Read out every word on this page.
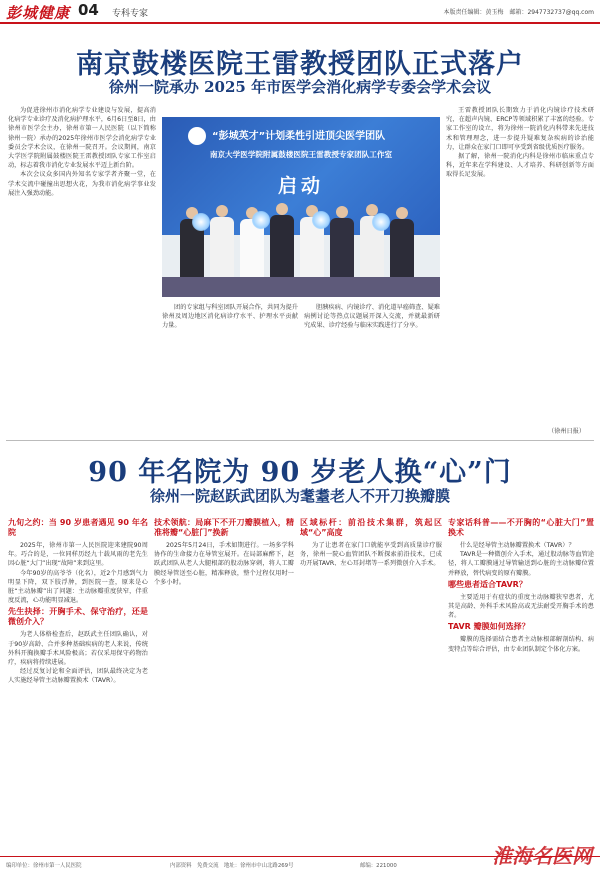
彭城健康 04 专科专家	本版责任编辑：黄玉梅　邮箱：2947732737@qq.com
南京鼓楼医院王雷教授团队正式落户
徐州一院承办 2025 年市医学会消化病学专委会学术会议

为促进徐州市消化病学专业建设与发展，提高消化病学专业诊疗及消化病护理水平，6月6日至8日，由徐州市医学会主办，徐州市第一人民医院（以下简称徐州一院）承办的2025年徐州市医学会消化病学专业委员会学术会议，在徐州一院召开。会议期间，南京大学医学院附属鼓楼医院王雷教授团队专家工作室启动，标志着我市消化专业发展水平迈上新台阶。

本次会议众多国内外知名专家学者齐聚一堂，在学术交流中碰撞出思想火花，为我市消化病学事业发展注入强劲动能。

“彭城英才”计划柔性引进顶尖医学团队
南京大学医学院附属鼓楼医院王雷教授专家团队工作室
启动

团的专家组与科室团队开展合作，共同为提升徐州及周边地区消化病诊疗水平、护理水平贡献力量。

胆胰疾病、内镜诊疗、消化道早癌筛查、疑难病例讨论等热点议题展开深入交流，并就最新研究成果、诊疗经验与临床实践进行了分享。

王雷教授团队长期致力于消化内镜诊疗技术研究，在超声内镜、ERCP等领域积累了丰富的经验。专家工作室的设立，将为徐州一院消化内科带来先进技术和管理理念，进一步提升疑难复杂疾病的诊治能力，让群众在家门口即可享受到省级优质医疗服务。

据了解，徐州一院消化内科是徐州市临床重点专科，近年来在学科建设、人才培养、科研创新等方面取得长足发展。

（徐州日报）
90 年名院为 90 岁老人换“心”门
徐州一院赵跃武团队为耄耋老人不开刀换瓣膜
九旬之约：当 90 岁患者遇见 90 年名院

2025年，徐州市第一人民医院迎来建院90周年。巧合的是，一位同样历经九十载风雨的老先生因心脏“大门”出现“故障”来到这里。

今年90岁的高爷爷（化名），近2个月感到气力明显下降，双下肢浮肿，到医院一查，原来是心脏“主动脉瓣”出了问题：主动脉瓣重度狭窄，伴重度反流，心功能明显减退。

先生抉择：开胸手术、保守治疗，还是微创介入？

为老人体格检查后，赵跃武主任团队确认，对于90岁高龄、合并多种基础疾病的老人来说，传统外科开胸换瓣手术风险极高；若仅采用保守药物治疗，疾病将持续进展。

经过反复讨论和全面评估，团队最终决定为老人实施经导管主动脉瓣置换术（TAVR）。

技术领航：局麻下不开刀瓣膜植入，精准将瓣“心脏门”换新

2025年5月24日，手术如期进行。一场多学科协作的生命接力在导管室展开。在局部麻醉下，赵跃武团队从老人大腿根部的股动脉穿刺，将人工瓣膜经导管送至心脏，精准释放，整个过程仅用时一个多小时。

区域标杆：前沿技术集群，筑起区域“心”高度

为了让患者在家门口就能享受到高质量诊疗服务，徐州一院心血管团队不断探索前沿技术，已成功开展TAVR、左心耳封堵等一系列微创介入手术。

专家话科普——不开胸的“心脏大门”置换术

什么是经导管主动脉瓣置换术（TAVR）？

TAVR是一种微创介入手术，通过股动脉等血管途径，将人工瓣膜通过导管输送到心脏的主动脉瓣位置并释放，替代病变的原有瓣膜。

哪些患者适合TAVR？

主要适用于有症状的重度主动脉瓣狭窄患者，尤其是高龄、外科手术风险高或无法耐受开胸手术的患者。

TAVR 瓣膜如何选择？

瓣膜的选择需结合患者主动脉根部解剖结构、病变特点等综合评估，由专业团队制定个体化方案。

淮海名医网
编印单位：徐州市第一人民医院	内部资料　免费交流　地址：徐州市中山北路269号	邮编：221000
